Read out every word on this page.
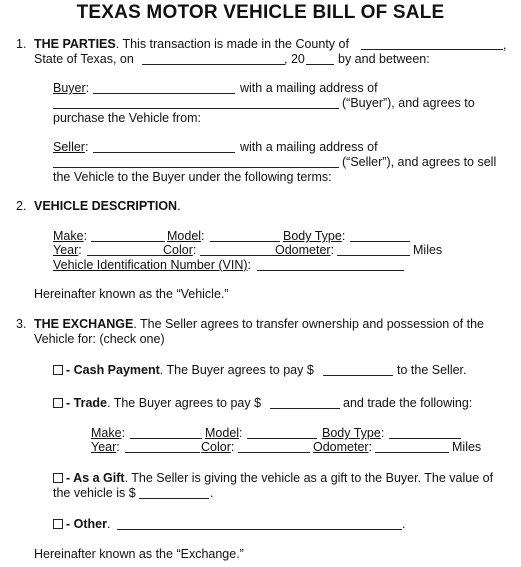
TEXAS MOTOR VEHICLE BILL OF SALE
1. THE PARTIES. This transaction is made in the County of	,
State of Texas, on	, 20	by and between:
Buyer:	with a mailing address of
(“Buyer”), and agrees to
purchase the Vehicle from:
Seller:	with a mailing address of
(“Seller”), and agrees to sell
the Vehicle to the Buyer under the following terms:
2. VEHICLE DESCRIPTION.
Make:	Model:	Body Type:
Year:	Color:	Odometer:	Miles
Vehicle Identification Number (VIN):
Hereinafter known as the “Vehicle.”
3. THE EXCHANGE. The Seller agrees to transfer ownership and possession of the
Vehicle for: (check one)
- Cash Payment. The Buyer agrees to pay $	to the Seller.
- Trade. The Buyer agrees to pay $	and trade the following:
Make:	Model:	Body Type:
Year:	Color:	Odometer:	Miles
- As a Gift. The Seller is giving the vehicle as a gift to the Buyer. The value of
the vehicle is $	.
- Other.	.
Hereinafter known as the “Exchange.”
